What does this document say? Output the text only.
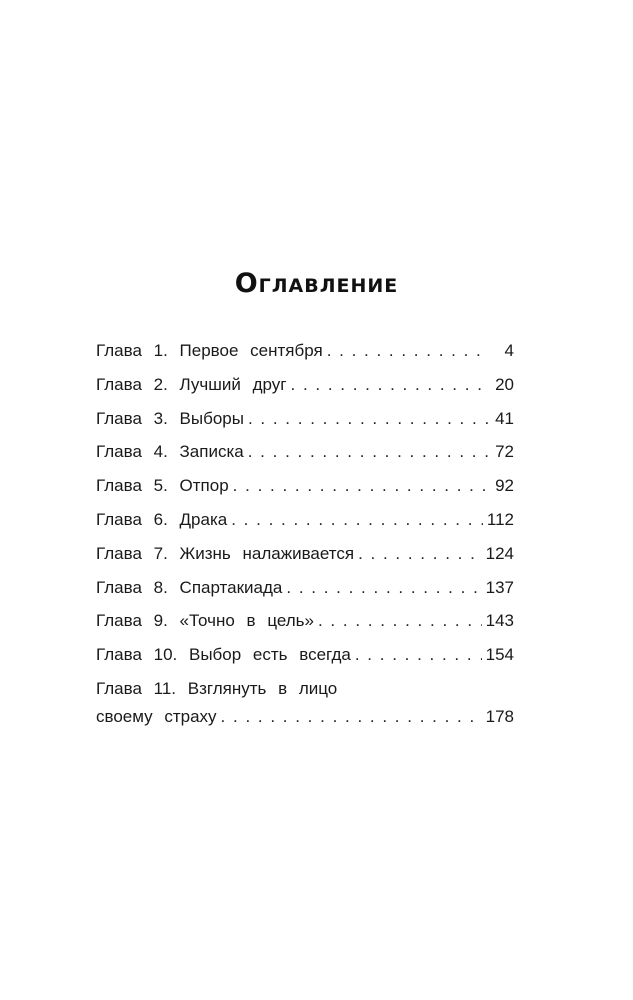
Оглавление
Глава 1. Первое сентября . . .	4
Глава 2. Лучший друг . . .	20
Глава 3. Выборы . . .	41
Глава 4. Записка . . .	72
Глава 5. Отпор . . .	92
Глава 6. Драка . . .	112
Глава 7. Жизнь налаживается . . .	124
Глава 8. Спартакиада . . .	137
Глава 9. «Точно в цель» . . .	143
Глава 10. Выбор есть всегда . . .	154
Глава 11. Взглянуть в лицо
своему страху . . .	178
